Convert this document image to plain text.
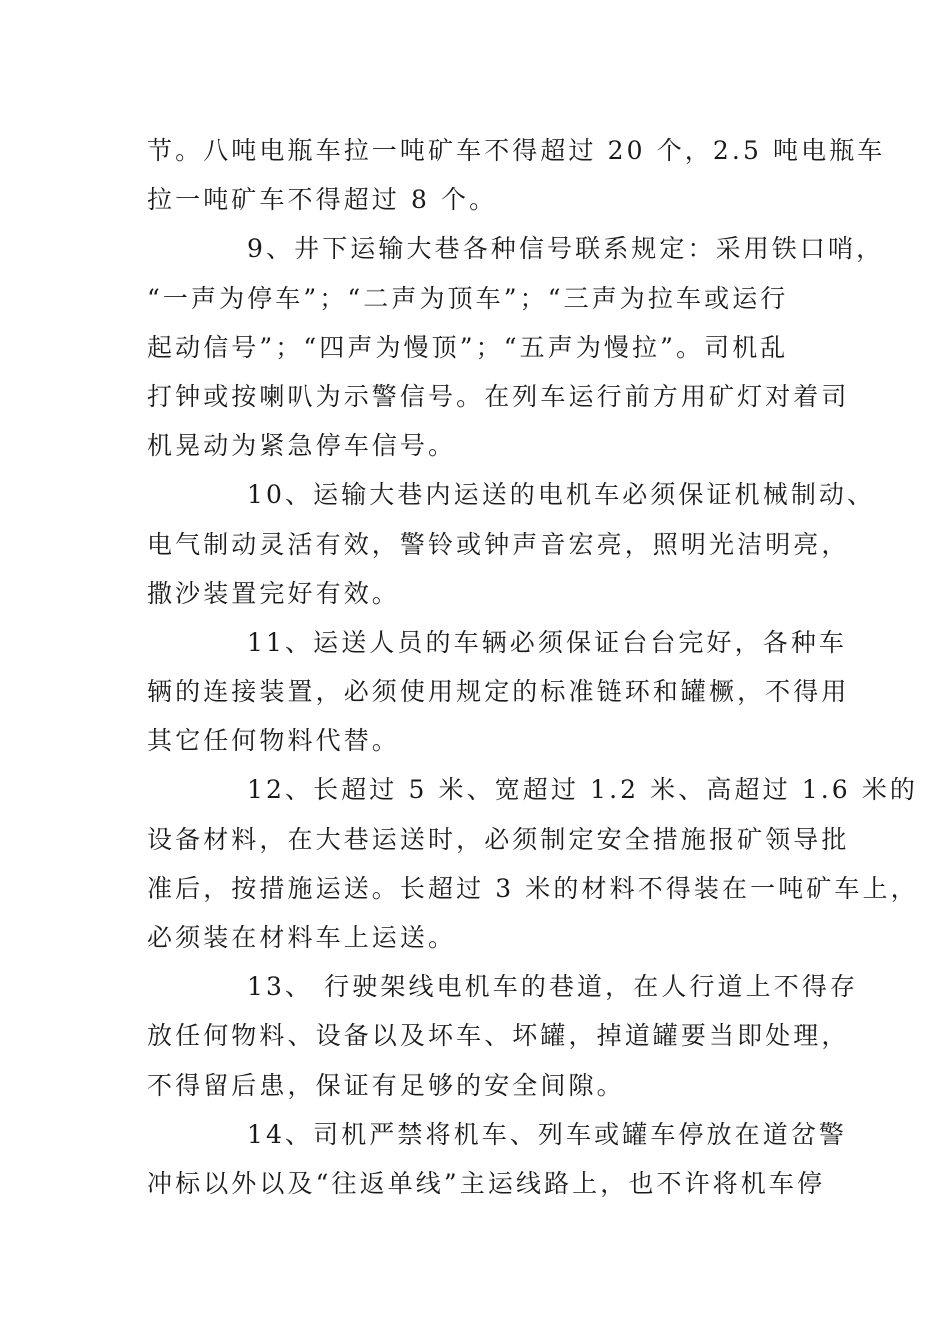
节。八吨电瓶车拉一吨矿车不得超过 20 个，2.5 吨电瓶车
拉一吨矿车不得超过 8 个。
9、井下运输大巷各种信号联系规定：采用铁口哨，
“一声为停车”；“二声为顶车”；“三声为拉车或运行
起动信号”；“四声为慢顶”；“五声为慢拉”。司机乱
打钟或按喇叭为示警信号。在列车运行前方用矿灯对着司
机晃动为紧急停车信号。
10、运输大巷内运送的电机车必须保证机械制动、
电气制动灵活有效，警铃或钟声音宏亮，照明光洁明亮，
撒沙装置完好有效。
11、运送人员的车辆必须保证台台完好，各种车
辆的连接装置，必须使用规定的标准链环和罐橛，不得用
其它任何物料代替。
12、长超过 5 米、宽超过 1.2 米、高超过 1.6 米的
设备材料，在大巷运送时，必须制定安全措施报矿领导批
准后，按措施运送。长超过 3 米的材料不得装在一吨矿车上，
必须装在材料车上运送。
13、 行驶架线电机车的巷道，在人行道上不得存
放任何物料、设备以及坏车、坏罐，掉道罐要当即处理，
不得留后患，保证有足够的安全间隙。
14、司机严禁将机车、列车或罐车停放在道岔警
冲标以外以及“往返单线”主运线路上，也不许将机车停
